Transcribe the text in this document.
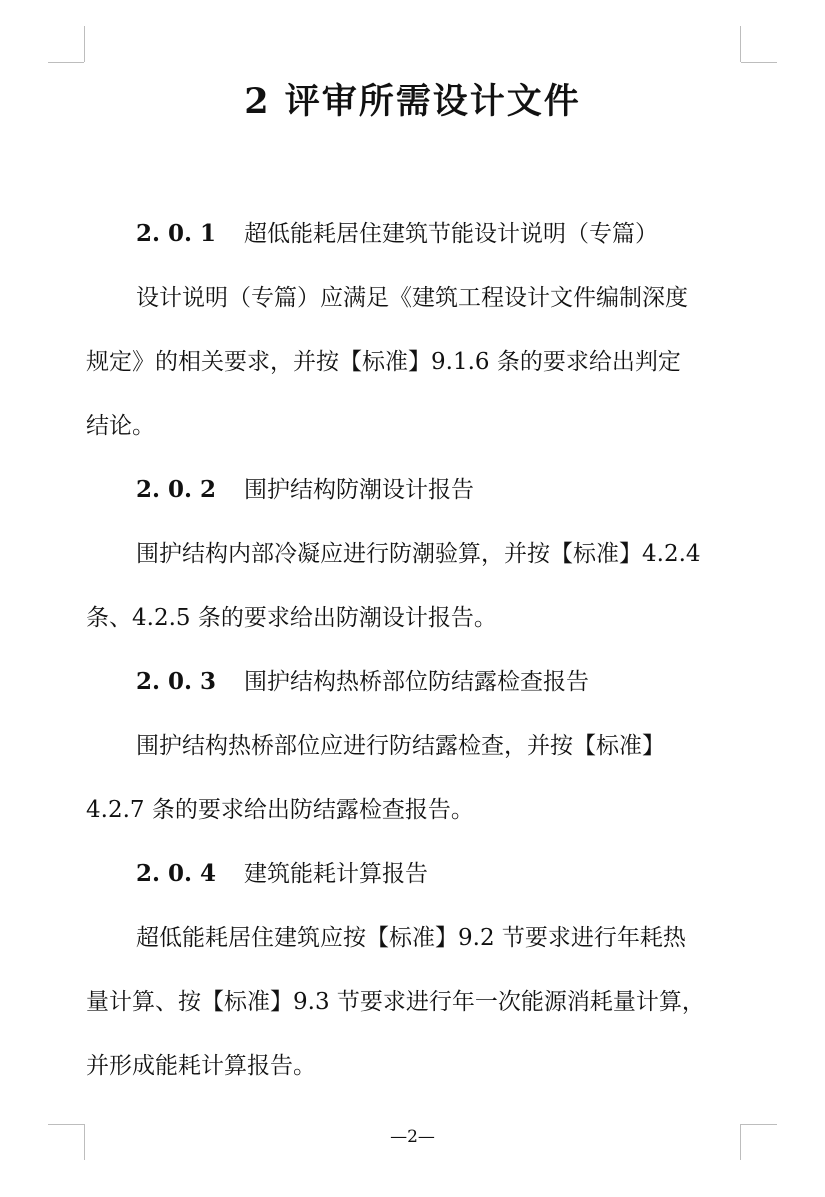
2 评审所需设计文件
2. 0. 1 超低能耗居住建筑节能设计说明（专篇）
设计说明（专篇）应满足《建筑工程设计文件编制深度
规定》的相关要求，并按【标准】9.1.6 条的要求给出判定
结论。
2. 0. 2 围护结构防潮设计报告
围护结构内部冷凝应进行防潮验算，并按【标准】4.2.4
条、4.2.5 条的要求给出防潮设计报告。
2. 0. 3 围护结构热桥部位防结露检查报告
围护结构热桥部位应进行防结露检查，并按【标准】
4.2.7 条的要求给出防结露检查报告。
2. 0. 4 建筑能耗计算报告
超低能耗居住建筑应按【标准】9.2 节要求进行年耗热
量计算、按【标准】9.3 节要求进行年一次能源消耗量计算，
并形成能耗计算报告。
—2—
